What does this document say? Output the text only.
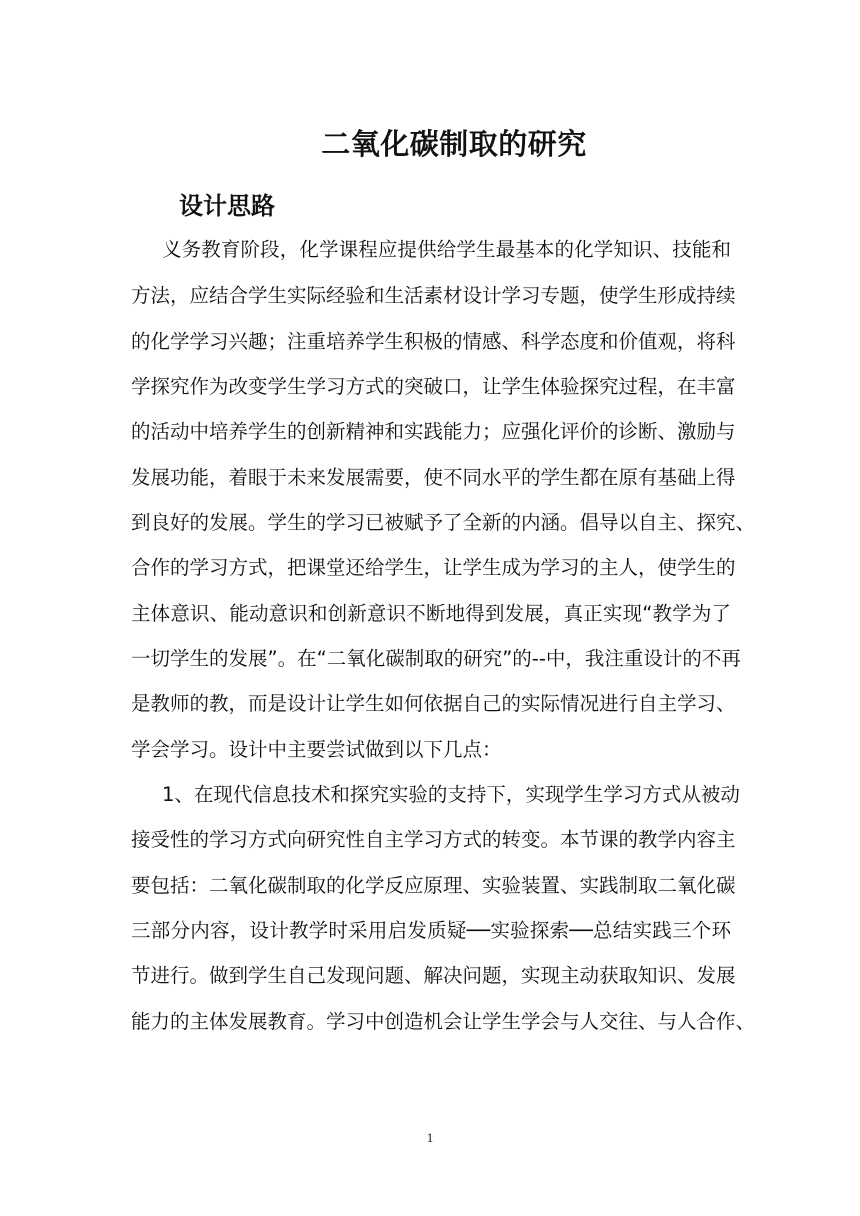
二氧化碳制取的研究
设计思路
义务教育阶段，化学课程应提供给学生最基本的化学知识、技能和
方法，应结合学生实际经验和生活素材设计学习专题，使学生形成持续
的化学学习兴趣；注重培养学生积极的情感、科学态度和价值观，将科
学探究作为改变学生学习方式的突破口，让学生体验探究过程，在丰富
的活动中培养学生的创新精神和实践能力；应强化评价的诊断、激励与
发展功能，着眼于未来发展需要，使不同水平的学生都在原有基础上得
到良好的发展。学生的学习已被赋予了全新的内涵。倡导以自主、探究、
合作的学习方式，把课堂还给学生，让学生成为学习的主人，使学生的
主体意识、能动意识和创新意识不断地得到发展，真正实现“教学为了
一切学生的发展”。在“二氧化碳制取的研究”的--中，我注重设计的不再
是教师的教，而是设计让学生如何依据自己的实际情况进行自主学习、
学会学习。设计中主要尝试做到以下几点：
1、在现代信息技术和探究实验的支持下，实现学生学习方式从被动
接受性的学习方式向研究性自主学习方式的转变。本节课的教学内容主
要包括：二氧化碳制取的化学反应原理、实验装置、实践制取二氧化碳
三部分内容，设计教学时采用启发质疑──实验探索──总结实践三个环
节进行。做到学生自己发现问题、解决问题，实现主动获取知识、发展
能力的主体发展教育。学习中创造机会让学生学会与人交往、与人合作、
1
